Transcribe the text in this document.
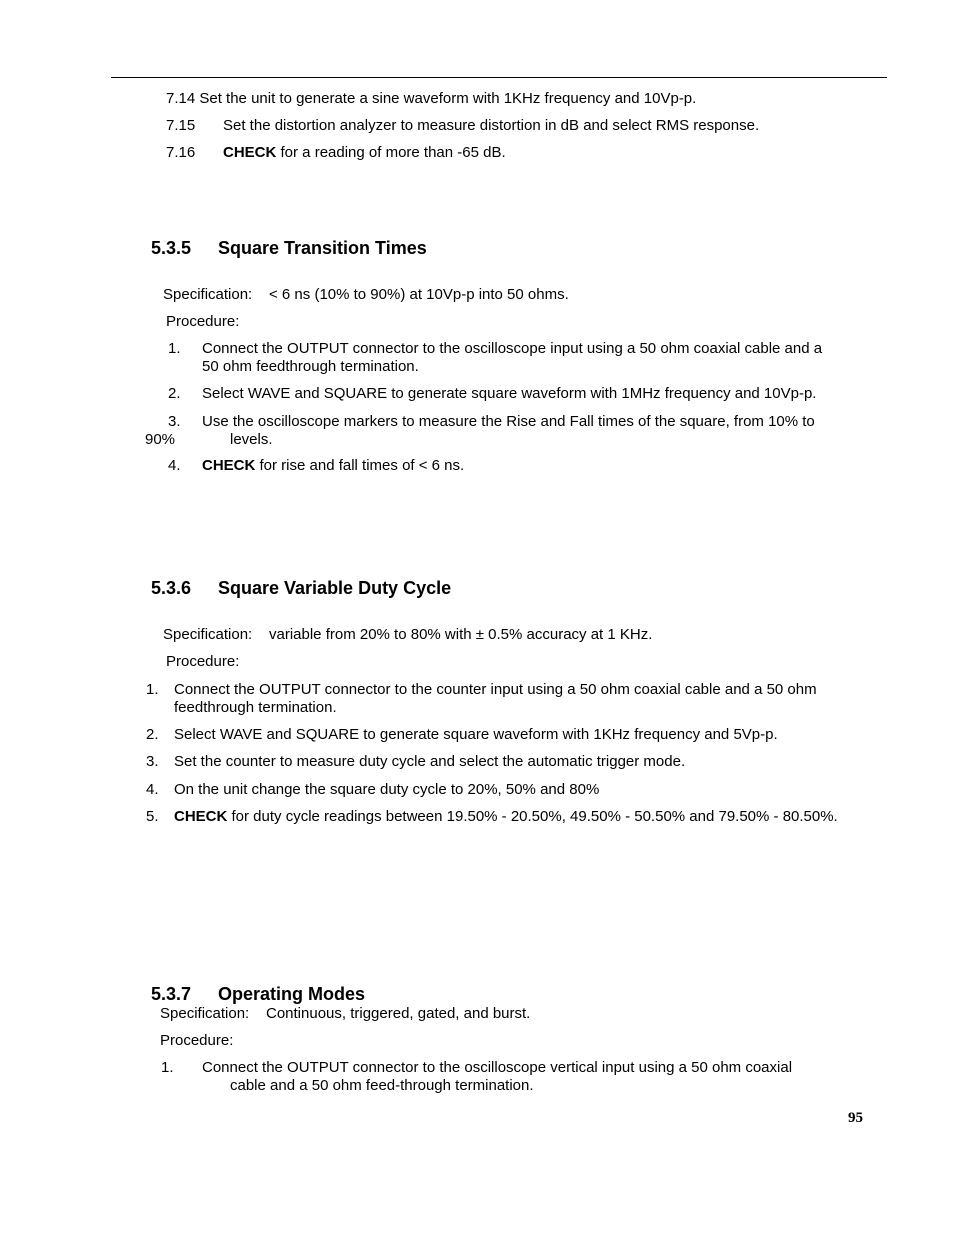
7.14 Set the unit to generate a sine waveform with 1KHz frequency and 10Vp-p.
7.15 Set the distortion analyzer to measure distortion in dB and select RMS response.
7.16 CHECK for a reading of more than -65 dB.
5.3.5 Square Transition Times
Specification: < 6 ns (10% to 90%) at 10Vp-p into 50 ohms.
Procedure:
1. Connect the OUTPUT connector to the oscilloscope input using a 50 ohm coaxial cable and a
50 ohm feedthrough termination.
2. Select WAVE and SQUARE to generate square waveform with 1MHz frequency and 10Vp-p.
3. Use the oscilloscope markers to measure the Rise and Fall times of the square, from 10% to
90%	levels.
4. CHECK for rise and fall times of < 6 ns.
5.3.6 Square Variable Duty Cycle
Specification: variable from 20% to 80% with ± 0.5% accuracy at 1 KHz.
Procedure:
1. Connect the OUTPUT connector to the counter input using a 50 ohm coaxial cable and a 50 ohm
feedthrough termination.
2. Select WAVE and SQUARE to generate square waveform with 1KHz frequency and 5Vp-p.
3. Set the counter to measure duty cycle and select the automatic trigger mode.
4. On the unit change the square duty cycle to 20%, 50% and 80%
5. CHECK for duty cycle readings between 19.50% - 20.50%, 49.50% - 50.50% and 79.50% - 80.50%.
5.3.7 Operating Modes
Specification: Continuous, triggered, gated, and burst.
Procedure:
1. Connect the OUTPUT connector to the oscilloscope vertical input using a 50 ohm coaxial
cable and a 50 ohm feed-through termination.
95
